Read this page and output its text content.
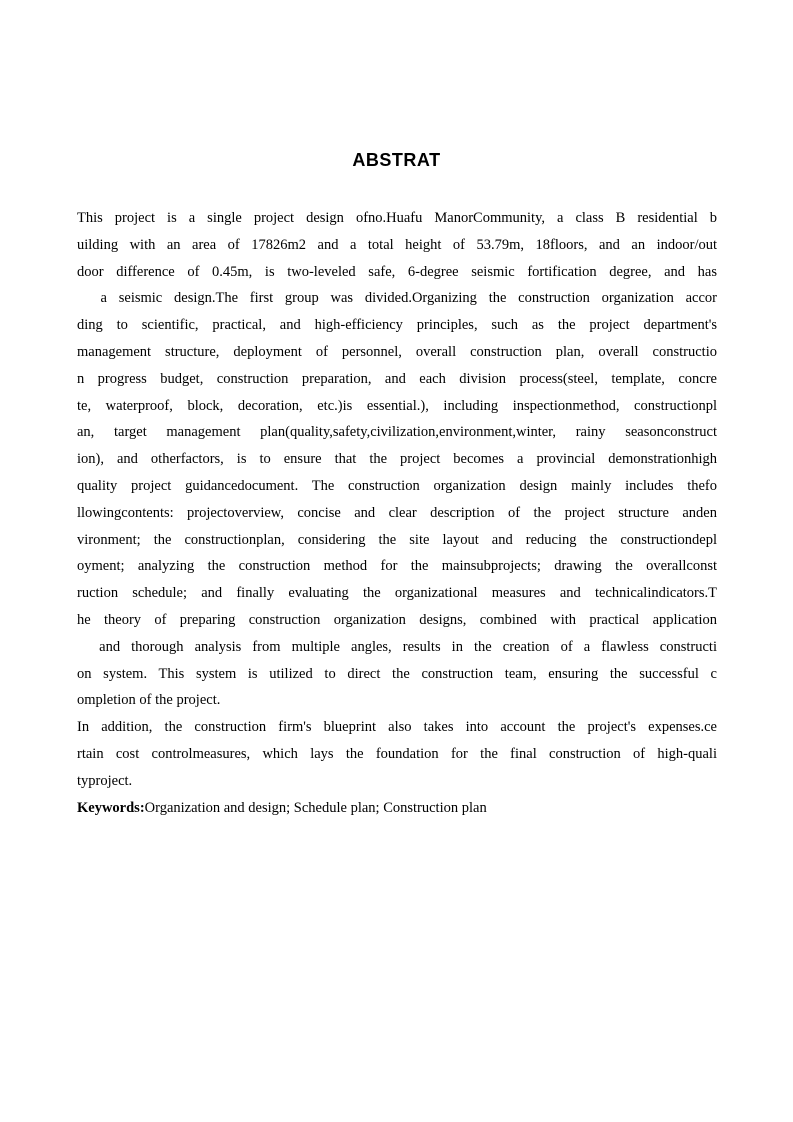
ABSTRAT
This project is a single project design ofno.Huafu ManorCommunity, a class B residential b
uilding with an area of 17826m2 and a total height of 53.79m, 18floors, and an indoor/out
door difference of 0.45m, is two-leveled safe, 6-degree seismic fortification degree, and has
a seismic design.The first group was divided.Organizing the construction organization accor
ding to scientific, practical, and high-efficiency principles, such as the project department's
management structure, deployment of personnel, overall construction plan, overall constructio
n progress budget, construction preparation, and each division process(steel, template, concre
te, waterproof, block, decoration, etc.)is essential.), including inspectionmethod, constructionpl
an, target management plan(quality,safety,civilization,environment,winter, rainy seasonconstruct
ion), and otherfactors, is to ensure that the project becomes a provincial demonstrationhigh
quality project guidancedocument. The construction organization design mainly includes thefo
llowingcontents: projectoverview, concise and clear description of the project structure anden
vironment; the constructionplan, considering the site layout and reducing the constructiondepl
oyment; analyzing the construction method for the mainsubprojects; drawing the overallconst
ruction schedule; and finally evaluating the organizational measures and technicalindicators.T
he theory of preparing construction organization designs, combined with practical application
and thorough analysis from multiple angles, results in the creation of a flawless constructi
on system. This system is utilized to direct the construction team, ensuring the successful c
ompletion of the project.
In addition, the construction firm's blueprint also takes into account the project's expenses.ce
rtain cost controlmeasures, which lays the foundation for the final construction of high-quali
typroject.
Keywords:Organization and design; Schedule plan; Construction plan
